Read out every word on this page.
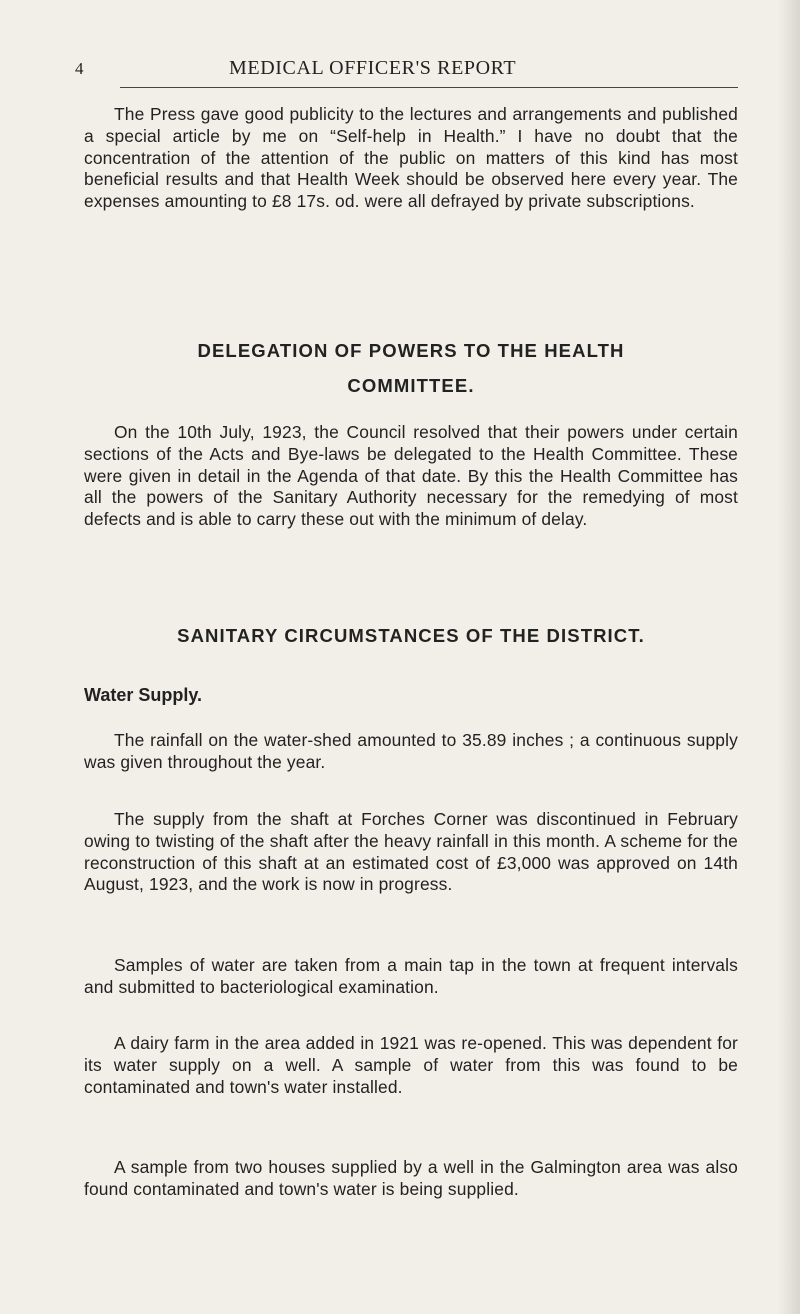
4	MEDICAL OFFICER'S REPORT

The Press gave good publicity to the lectures and arrangements and published a special article by me on “Self-help in Health.” I have no doubt that the concentration of the attention of the public on matters of this kind has most beneficial results and that Health Week should be observed here every year. The expenses amounting to £8 17s. od. were all defrayed by private subscriptions.

DELEGATION OF POWERS TO THE HEALTH

COMMITTEE.

On the 10th July, 1923, the Council resolved that their powers under certain sections of the Acts and Bye-laws be delegated to the Health Committee. These were given in detail in the Agenda of that date. By this the Health Committee has all the powers of the Sanitary Authority necessary for the remedying of most defects and is able to carry these out with the minimum of delay.

SANITARY CIRCUMSTANCES OF THE DISTRICT.

Water Supply.

The rainfall on the water-shed amounted to 35.89 inches ; a continuous supply was given throughout the year.

The supply from the shaft at Forches Corner was discontinued in February owing to twisting of the shaft after the heavy rainfall in this month. A scheme for the reconstruction of this shaft at an estimated cost of £3,000 was approved on 14th August, 1923, and the work is now in progress.

Samples of water are taken from a main tap in the town at frequent intervals and submitted to bacteriological examination.

A dairy farm in the area added in 1921 was re-opened. This was dependent for its water supply on a well. A sample of water from this was found to be contaminated and town's water installed.

A sample from two houses supplied by a well in the Galmington area was also found contaminated and town's water is being supplied.
